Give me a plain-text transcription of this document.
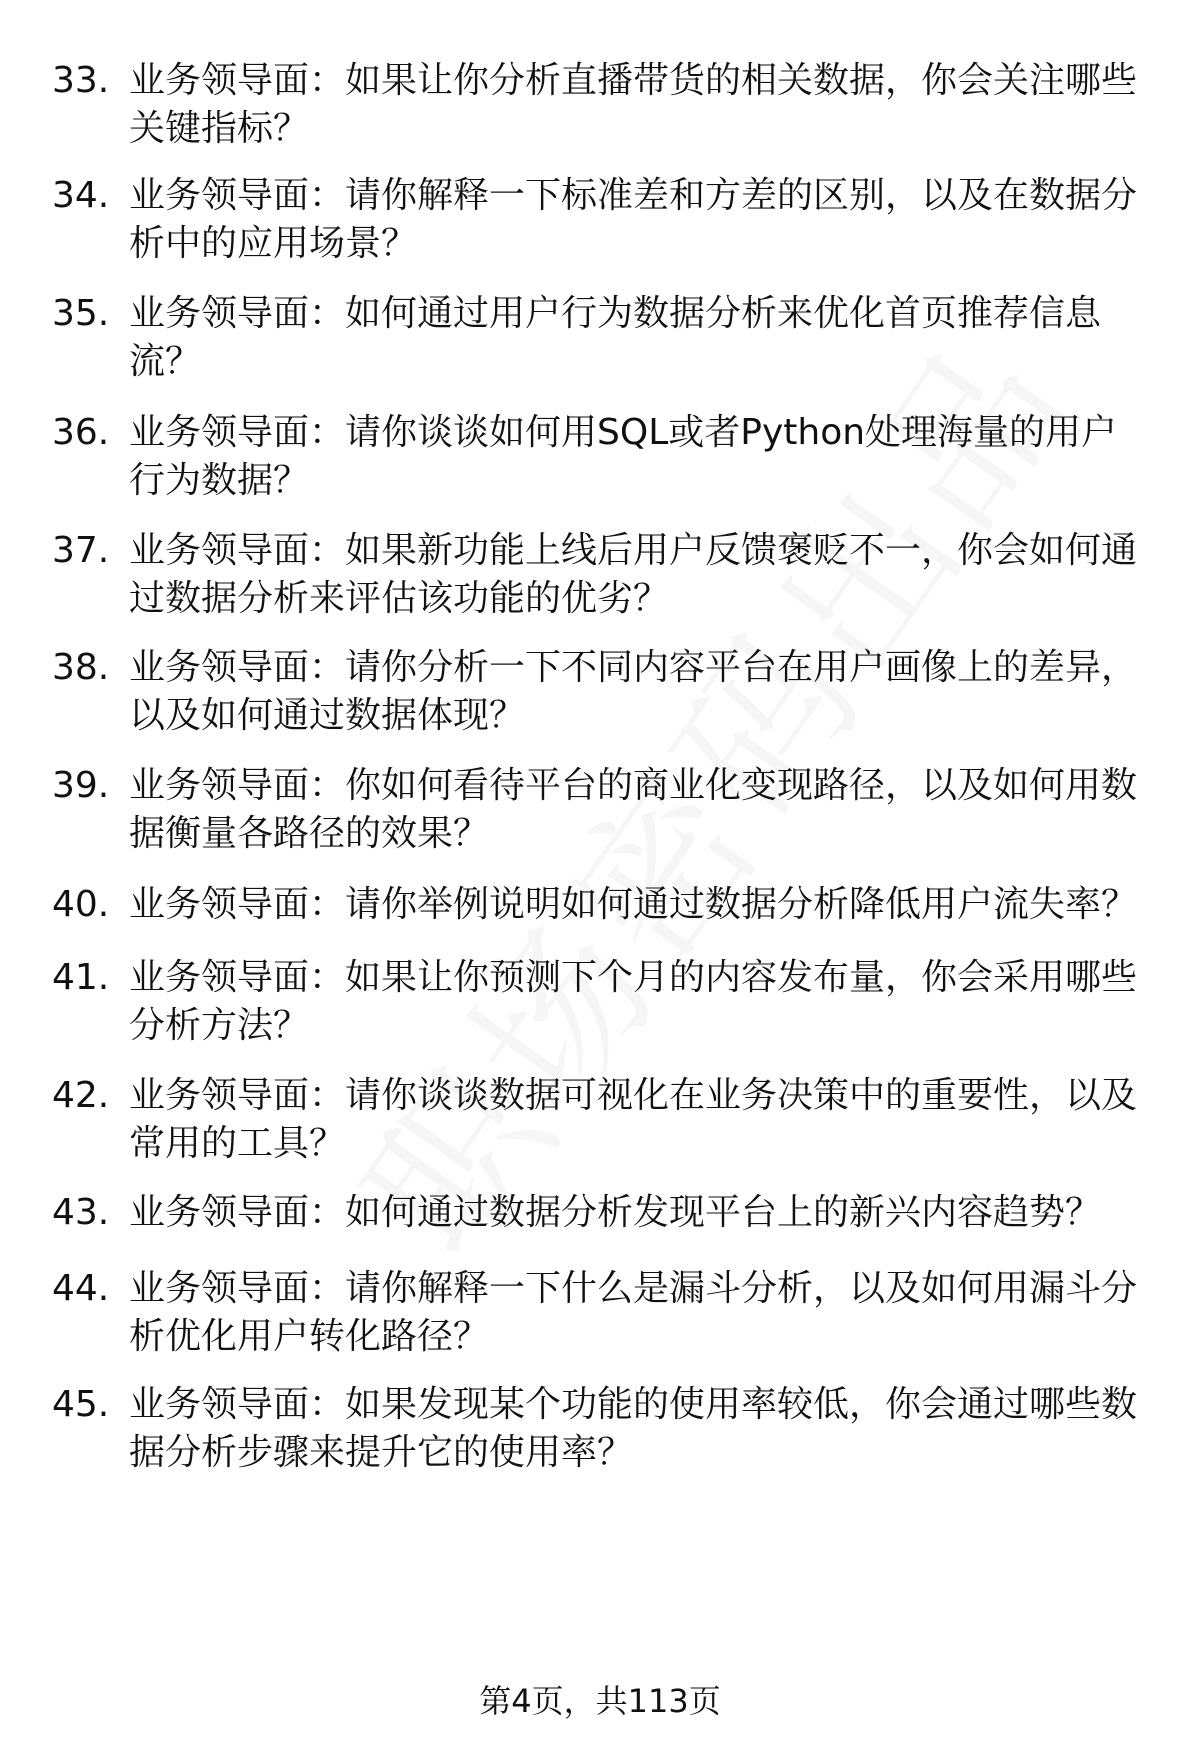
33. 业务领导面：如果让你分析直播带货的相关数据，你会关注哪些关键指标？
34. 业务领导面：请你解释一下标准差和方差的区别，以及在数据分析中的应用场景？
35. 业务领导面：如何通过用户行为数据分析来优化首页推荐信息流？
36. 业务领导面：请你谈谈如何用SQL或者Python处理海量的用户行为数据？
37. 业务领导面：如果新功能上线后用户反馈褒贬不一，你会如何通过数据分析来评估该功能的优劣？
38. 业务领导面：请你分析一下不同内容平台在用户画像上的差异，以及如何通过数据体现？
39. 业务领导面：你如何看待平台的商业化变现路径，以及如何用数据衡量各路径的效果？
40. 业务领导面：请你举例说明如何通过数据分析降低用户流失率？
41. 业务领导面：如果让你预测下个月的内容发布量，你会采用哪些分析方法？
42. 业务领导面：请你谈谈数据可视化在业务决策中的重要性，以及常用的工具？
43. 业务领导面：如何通过数据分析发现平台上的新兴内容趋势？
44. 业务领导面：请你解释一下什么是漏斗分析，以及如何用漏斗分析优化用户转化路径？
45. 业务领导面：如果发现某个功能的使用率较低，你会通过哪些数据分析步骤来提升它的使用率？
第4页，共113页
